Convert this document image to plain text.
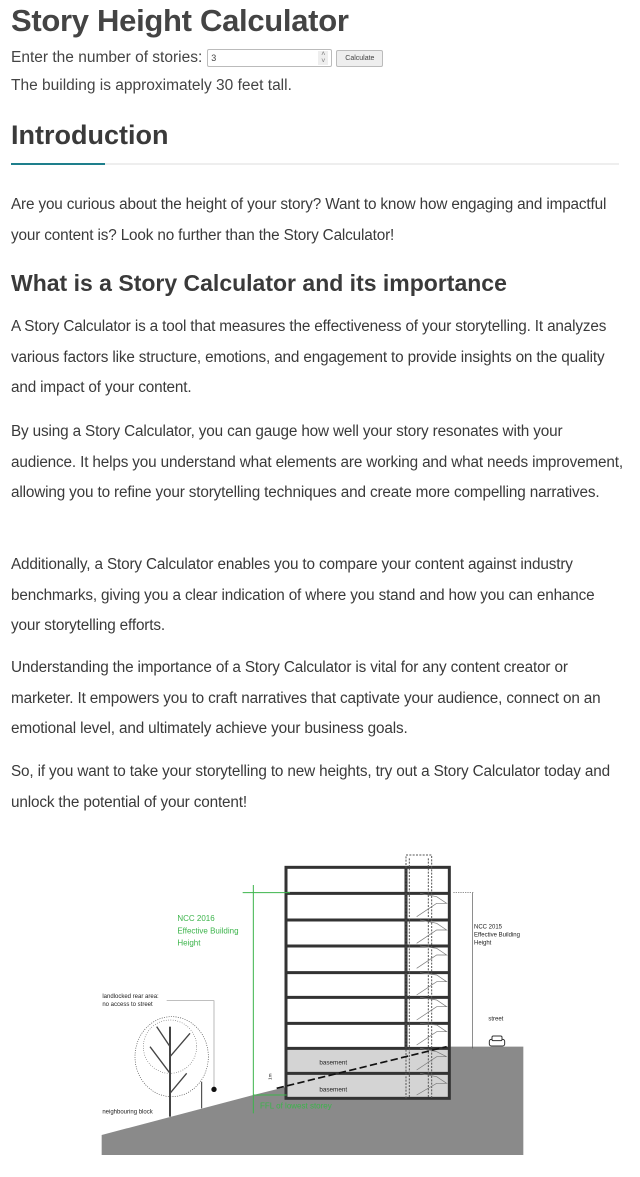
Story Height Calculator
Enter the number of stories: 3	˄
˅	Calculate
The building is approximately 30 feet tall.
Introduction

Are you curious about the height of your story? Want to know how engaging and impactful your content is? Look no further than the Story Calculator!

What is a Story Calculator and its importance

A Story Calculator is a tool that measures the effectiveness of your storytelling. It analyzes various factors like structure, emotions, and engagement to provide insights on the quality and impact of your content.

By using a Story Calculator, you can gauge how well your story resonates with your audience. It helps you understand what elements are working and what needs improvement, allowing you to refine your storytelling techniques and create more compelling narratives.

Additionally, a Story Calculator enables you to compare your content against industry benchmarks, giving you a clear indication of where you stand and how you can enhance your storytelling efforts.

Understanding the importance of a Story Calculator is vital for any content creator or marketer. It empowers you to craft narratives that captivate your audience, connect on an emotional level, and ultimately achieve your business goals.

So, if you want to take your storytelling to new heights, try out a Story Calculator today and unlock the potential of your content!

basement
basement
NCC 2016
Effective Building
Height
FFL of lowest storey
NCC 2015
Effective Building
Height
street
landlocked rear area:
no access to street
neighbouring block
1m
